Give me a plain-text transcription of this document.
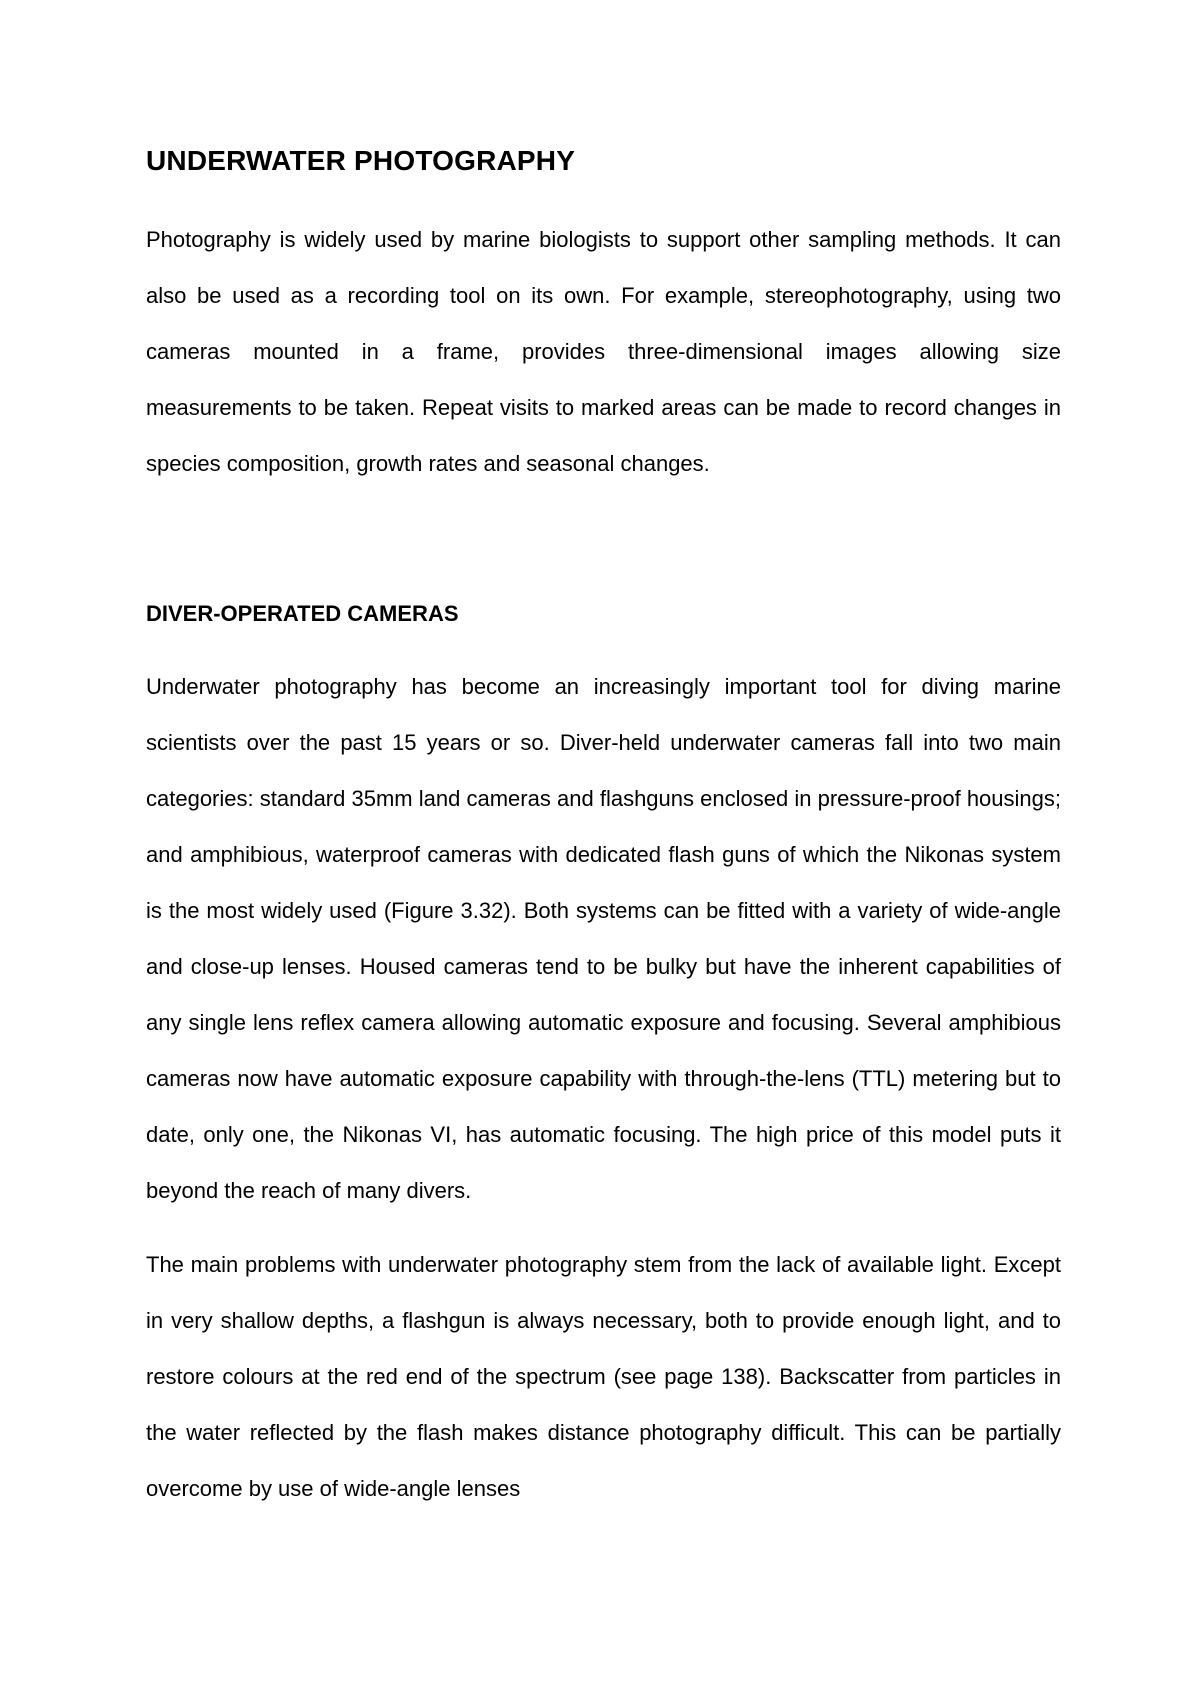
UNDERWATER PHOTOGRAPHY

Photography is widely used by marine biologists to support other sampling methods. It can also be used as a recording tool on its own. For example, stereophotography, using two cameras mounted in a frame, provides three-dimensional images allowing size measurements to be taken. Repeat visits to marked areas can be made to record changes in species composition, growth rates and seasonal changes.

DIVER-OPERATED CAMERAS

Underwater photography has become an increasingly important tool for diving marine scientists over the past 15 years or so. Diver-held underwater cameras fall into two main categories: standard 35mm land cameras and flashguns enclosed in pressure-proof housings; and amphibious, waterproof cameras with dedicated flash guns of which the Nikonas system is the most widely used (Figure 3.32). Both systems can be fitted with a variety of wide-angle and close-up lenses. Housed cameras tend to be bulky but have the inherent capabilities of any single lens reflex camera allowing automatic exposure and focusing. Several amphibious cameras now have automatic exposure capability with through-the-lens (TTL) metering but to date, only one, the Nikonas VI, has automatic focusing. The high price of this model puts it beyond the reach of many divers.

The main problems with underwater photography stem from the lack of available light. Except in very shallow depths, a flashgun is always necessary, both to provide enough light, and to restore colours at the red end of the spectrum (see page 138). Backscatter from particles in the water reflected by the flash makes distance photography difficult. This can be partially overcome by use of wide-angle lenses
